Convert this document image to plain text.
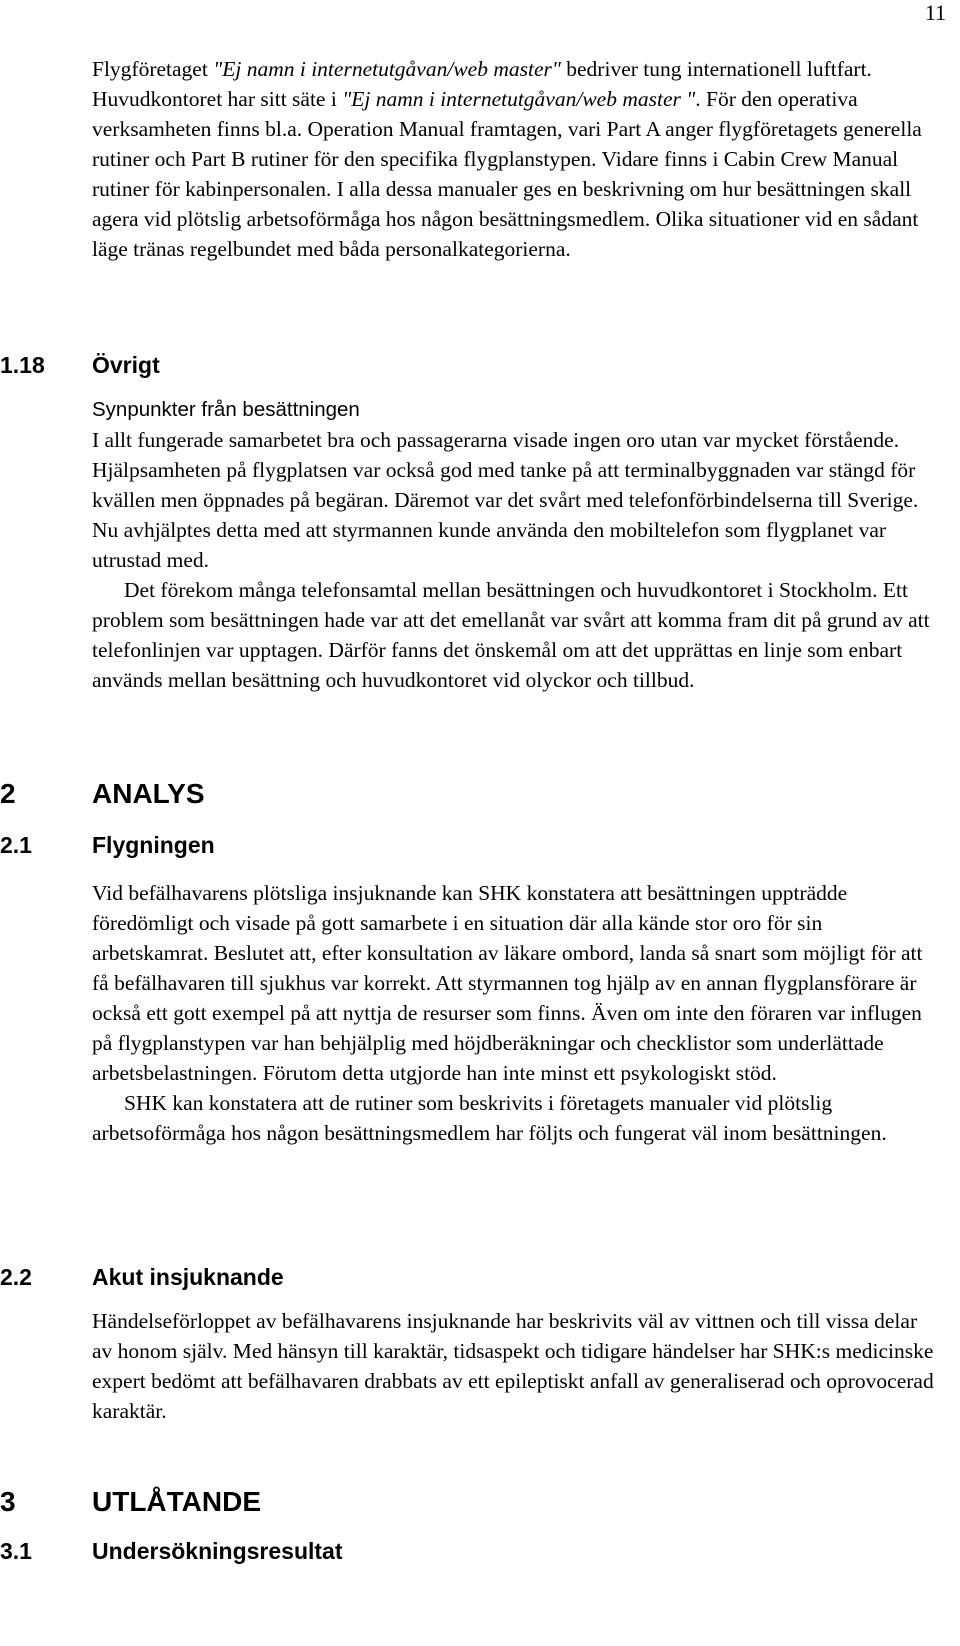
11

Flygföretaget "Ej namn i internetutgåvan/web master" bedriver tung internationell luftfart. Huvudkontoret har sitt säte i "Ej namn i internetutgåvan/web master ". För den operativa verksamheten finns bl.a. Operation Manual framtagen, vari Part A anger flygföretagets generella rutiner och Part B rutiner för den specifika flygplanstypen. Vidare finns i Cabin Crew Manual rutiner för kabinpersonalen. I alla dessa manualer ges en beskrivning om hur besättningen skall agera vid plötslig arbetsoförmåga hos någon besättningsmedlem. Olika situationer vid en sådant läge tränas regelbundet med båda personalkategorierna.

1.18 Övrigt
Synpunkter från besättningen

I allt fungerade samarbetet bra och passagerarna visade ingen oro utan var mycket förstående. Hjälpsamheten på flygplatsen var också god med tanke på att terminalbyggnaden var stängd för kvällen men öppnades på begäran. Däremot var det svårt med telefonförbindelserna till Sverige. Nu avhjälptes detta med att styrmannen kunde använda den mobiltelefon som flygplanet var utrustad med.

Det förekom många telefonsamtal mellan besättningen och huvudkontoret i Stockholm. Ett problem som besättningen hade var att det emellanåt var svårt att komma fram dit på grund av att telefonlinjen var upptagen. Därför fanns det önskemål om att det upprättas en linje som enbart används mellan besättning och huvudkontoret vid olyckor och tillbud.

2	ANALYS
2.1	Flygningen

Vid befälhavarens plötsliga insjuknande kan SHK konstatera att besättningen uppträdde föredömligt och visade på gott samarbete i en situation där alla kände stor oro för sin arbetskamrat. Beslutet att, efter konsultation av läkare ombord, landa så snart som möjligt för att få befälhavaren till sjukhus var korrekt. Att styrmannen tog hjälp av en annan flygplansförare är också ett gott exempel på att nyttja de resurser som finns. Även om inte den föraren var influgen på flygplanstypen var han behjälplig med höjdberäkningar och checklistor som underlättade arbetsbelastningen. Förutom detta utgjorde han inte minst ett psykologiskt stöd.

SHK kan konstatera att de rutiner som beskrivits i företagets manualer vid plötslig arbetsoförmåga hos någon besättningsmedlem har följts och fungerat väl inom besättningen.

2.2	Akut insjuknande

Händelseförloppet av befälhavarens insjuknande har beskrivits väl av vittnen och till vissa delar av honom själv. Med hänsyn till karaktär, tidsaspekt och tidigare händelser har SHK:s medicinske expert bedömt att befälhavaren drabbats av ett epileptiskt anfall av generaliserad och oprovocerad karaktär.

3	UTLÅTANDE
3.1	Undersökningsresultat
